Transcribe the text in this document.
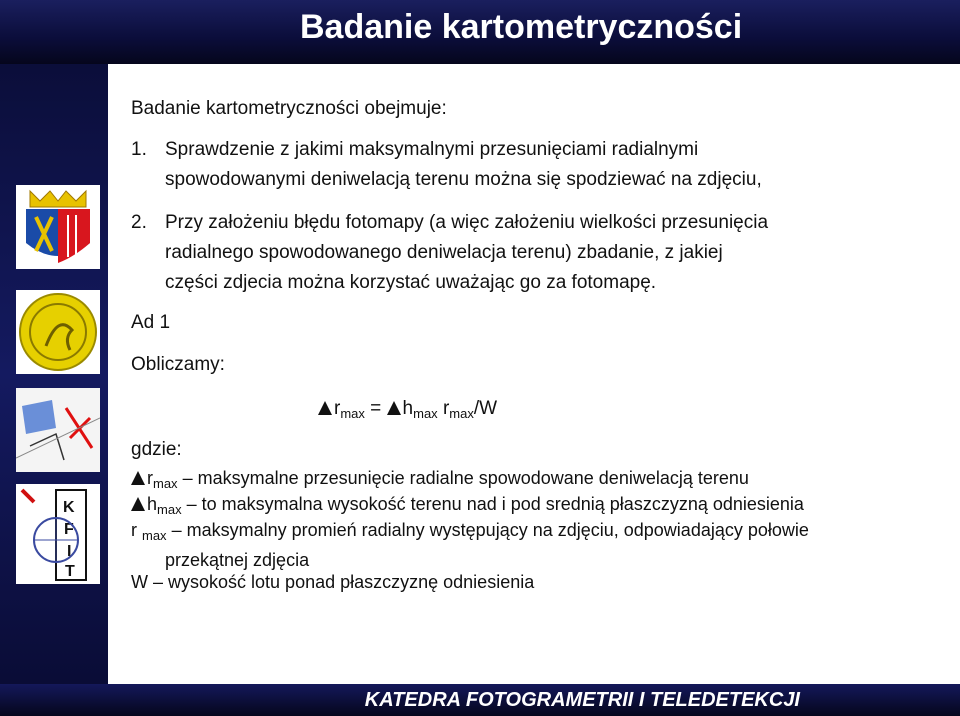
Badanie kartometryczności
K
F
I
T
Badanie kartometryczności obejmuje:
1. Sprawdzenie z jakimi maksymalnymi przesunięciami radialnymi
spowodowanymi deniwelacją terenu można się spodziewać na zdjęciu,
2. Przy założeniu błędu fotomapy (a więc założeniu wielkości przesunięcia
radialnego spowodowanego deniwelacja terenu) zbadanie, z jakiej
części zdjecia można korzystać uważając go za fotomapę.
Ad 1
Obliczamy:
$r_{max} = h_{max}$ $r_{max}/W$
gdzie:
$r_{max}$ – maksymalne przesunięcie radialne spowodowane deniwelacją terenu
$h_{max}$ – to maksymalna wysokość terenu nad i pod srednią płaszczyzną odniesienia
r $_{max}$ – maksymalny promień radialny występujący na zdjęciu, odpowiadający połowie
przekątnej zdjęcia
W – wysokość lotu ponad płaszczyznę odniesienia
KATEDRA FOTOGRAMETRII I TELEDETEKCJI
